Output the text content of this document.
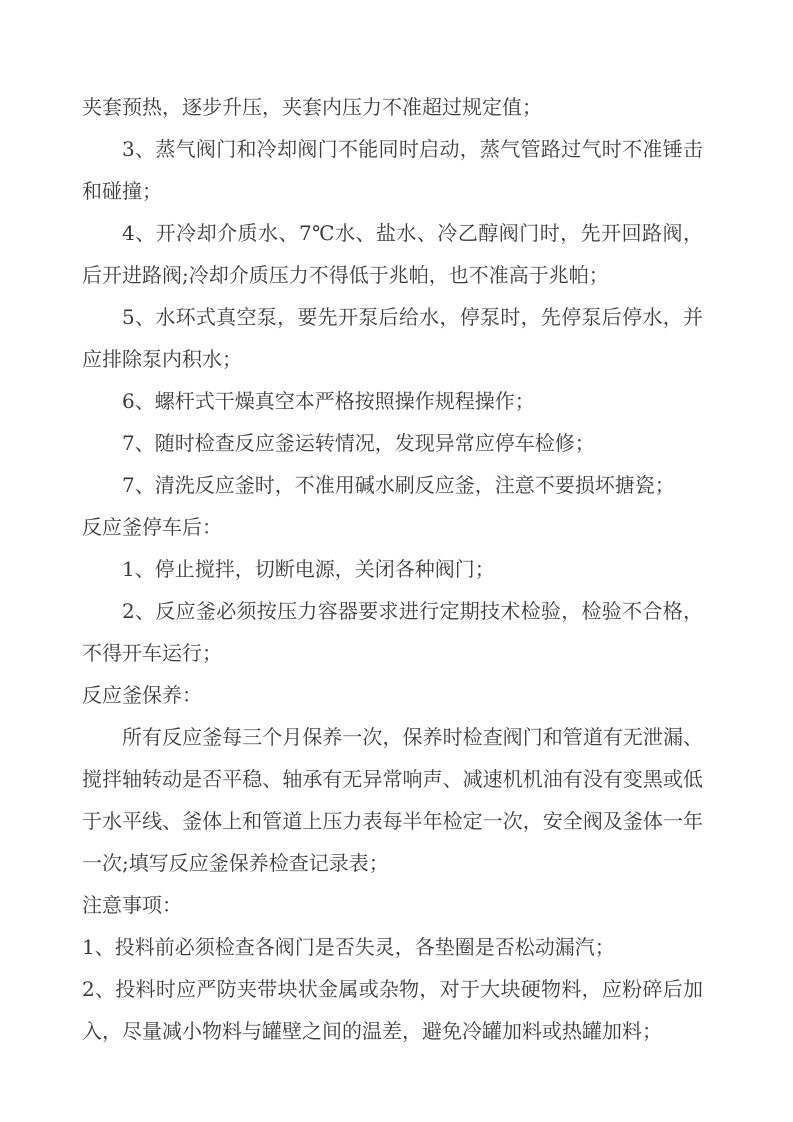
夹套预热，逐步升压，夹套内压力不准超过规定值；

3、蒸气阀门和冷却阀门不能同时启动，蒸气管路过气时不准锤击和碰撞；

4、开冷却介质水、7℃水、盐水、冷乙醇阀门时，先开回路阀，后开进路阀;冷却介质压力不得低于兆帕，也不准高于兆帕；

5、水环式真空泵，要先开泵后给水，停泵时，先停泵后停水，并应排除泵内积水；

6、螺杆式干燥真空本严格按照操作规程操作；

7、随时检查反应釜运转情况，发现异常应停车检修；

7、清洗反应釜时，不准用碱水刷反应釜，注意不要损坏搪瓷；

反应釜停车后：

1、停止搅拌，切断电源，关闭各种阀门；

2、反应釜必须按压力容器要求进行定期技术检验，检验不合格，不得开车运行；

反应釜保养：

所有反应釜每三个月保养一次，保养时检查阀门和管道有无泄漏、搅拌轴转动是否平稳、轴承有无异常响声、减速机机油有没有变黑或低于水平线、釜体上和管道上压力表每半年检定一次，安全阀及釜体一年一次;填写反应釜保养检查记录表；

注意事项：

1、投料前必须检查各阀门是否失灵，各垫圈是否松动漏汽；

2、投料时应严防夹带块状金属或杂物，对于大块硬物料，应粉碎后加入，尽量减小物料与罐壁之间的温差，避免冷罐加料或热罐加料；
